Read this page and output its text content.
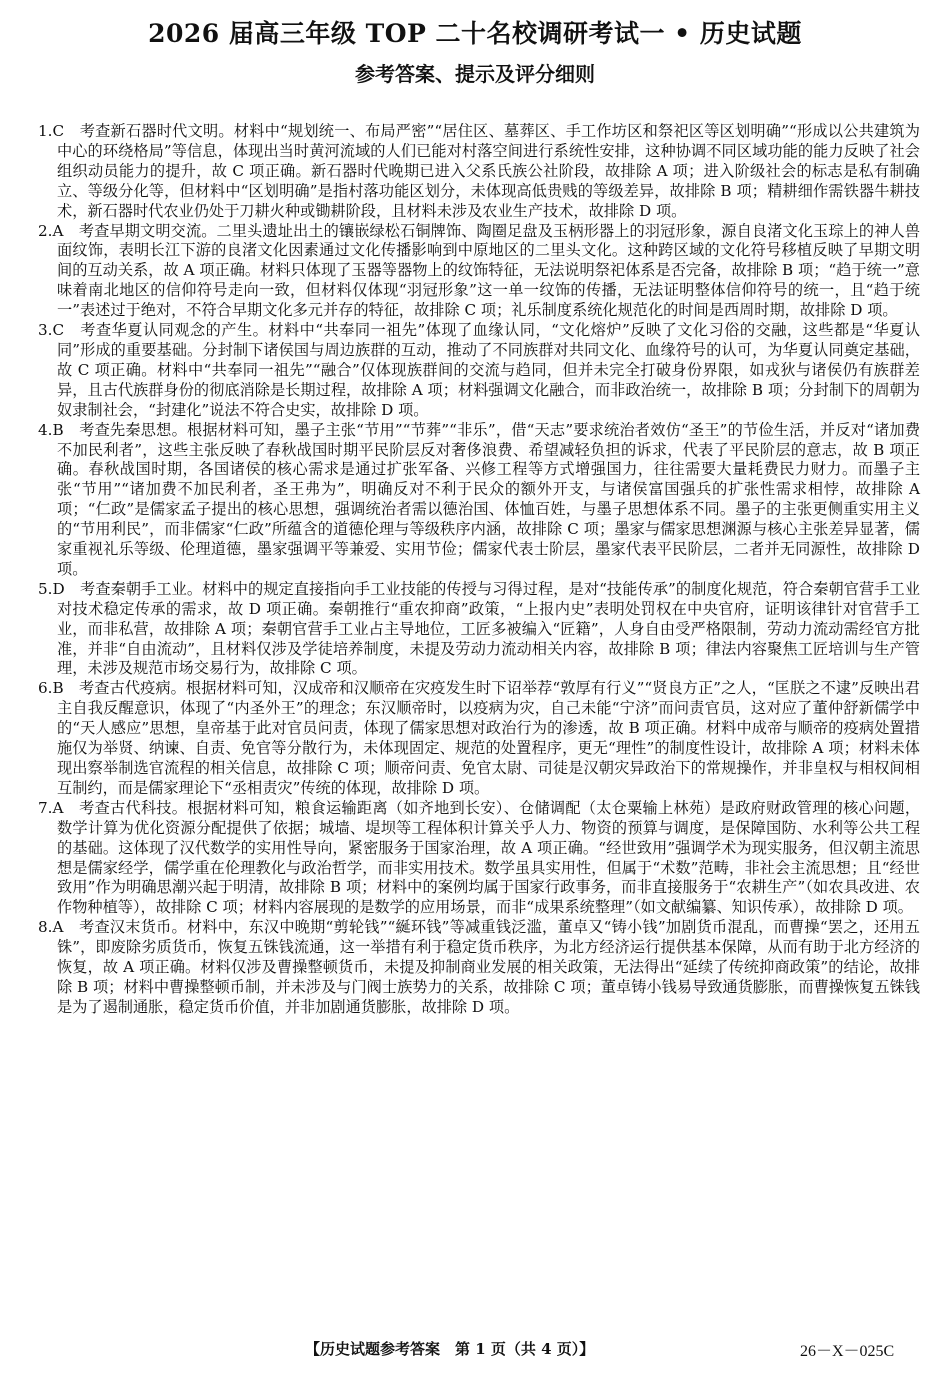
2026 届高三年级 TOP 二十名校调研考试一 • 历史试题
参考答案、提示及评分细则

1.C　 考查新石器时代文明。材料中“规划统一、布局严密”“居住区、墓葬区、手工作坊区和祭祀区等区划明确”“形成以公共建筑为中心的环绕格局”等信息，体现出当时黄河流域的人们已能对村落空间进行系统性安排，这种协调不同区域功能的能力反映了社会组织动员能力的提升，故 C 项正确。新石器时代晚期已进入父系氏族公社阶段，故排除 A 项；进入阶级社会的标志是私有制确立、等级分化等，但材料中“区划明确”是指村落功能区划分，未体现高低贵贱的等级差异，故排除 B 项；精耕细作需铁器牛耕技术，新石器时代农业仍处于刀耕火种或锄耕阶段，且材料未涉及农业生产技术，故排除 D 项。

2.A　 考查早期文明交流。二里头遗址出土的镶嵌绿松石铜牌饰、陶圈足盘及玉柄形器上的羽冠形象，源自良渚文化玉琮上的神人兽面纹饰，表明长江下游的良渚文化因素通过文化传播影响到中原地区的二里头文化。这种跨区域的文化符号移植反映了早期文明间的互动关系，故 A 项正确。材料只体现了玉器等器物上的纹饰特征，无法说明祭祀体系是否完备，故排除 B 项；“趋于统一”意味着南北地区的信仰符号走向一致，但材料仅体现“羽冠形象”这一单一纹饰的传播，无法证明整体信仰符号的统一，且“趋于统一”表述过于绝对，不符合早期文化多元并存的特征，故排除 C 项；礼乐制度系统化规范化的时间是西周时期，故排除 D 项。

3.C　 考查华夏认同观念的产生。材料中“共奉同一祖先”体现了血缘认同，“文化熔炉”反映了文化习俗的交融，这些都是“华夏认同”形成的重要基础。分封制下诸侯国与周边族群的互动，推动了不同族群对共同文化、血缘符号的认可，为华夏认同奠定基础，故 C 项正确。材料中“共奉同一祖先”“融合”仅体现族群间的交流与趋同，但并未完全打破身份界限，如戎狄与诸侯仍有族群差异，且古代族群身份的彻底消除是长期过程，故排除 A 项；材料强调文化融合，而非政治统一，故排除 B 项；分封制下的周朝为奴隶制社会，“封建化”说法不符合史实，故排除 D 项。

4.B　 考查先秦思想。根据材料可知，墨子主张“节用”“节葬”“非乐”，借“天志”要求统治者效仿“圣王”的节俭生活，并反对“诸加费不加民利者”，这些主张反映了春秋战国时期平民阶层反对奢侈浪费、希望减轻负担的诉求，代表了平民阶层的意志，故 B 项正确。春秋战国时期，各国诸侯的核心需求是通过扩张军备、兴修工程等方式增强国力，往往需要大量耗费民力财力。而墨子主张“节用”“诸加费不加民利者，圣王弗为”，明确反对不利于民众的额外开支，与诸侯富国强兵的扩张性需求相悖，故排除 A 项；“仁政”是儒家孟子提出的核心思想，强调统治者需以德治国、体恤百姓，与墨子思想体系不同。墨子的主张更侧重实用主义的“节用利民”，而非儒家“仁政”所蕴含的道德伦理与等级秩序内涵，故排除 C 项；墨家与儒家思想渊源与核心主张差异显著，儒家重视礼乐等级、伦理道德，墨家强调平等兼爱、实用节俭；儒家代表士阶层，墨家代表平民阶层，二者并无同源性，故排除 D 项。

5.D　 考查秦朝手工业。材料中的规定直接指向手工业技能的传授与习得过程，是对“技能传承”的制度化规范，符合秦朝官营手工业对技术稳定传承的需求，故 D 项正确。秦朝推行“重农抑商”政策，“上报内史”表明处罚权在中央官府，证明该律针对官营手工业，而非私营，故排除 A 项；秦朝官营手工业占主导地位，工匠多被编入“匠籍”，人身自由受严格限制，劳动力流动需经官方批准，并非“自由流动”，且材料仅涉及学徒培养制度，未提及劳动力流动相关内容，故排除 B 项；律法内容聚焦工匠培训与生产管理，未涉及规范市场交易行为，故排除 C 项。

6.B　 考查古代疫病。根据材料可知，汉成帝和汉顺帝在灾疫发生时下诏举荐“敦厚有行义”“贤良方正”之人，“匡朕之不逮”反映出君主自我反醒意识，体现了“内圣外王”的理念；东汉顺帝时，以疫病为灾，自己未能“宁济”而问责官员，这对应了董仲舒新儒学中的“天人感应”思想，皇帝基于此对官员问责，体现了儒家思想对政治行为的渗透，故 B 项正确。材料中成帝与顺帝的疫病处置措施仅为举贤、纳谏、自责、免官等分散行为，未体现固定、规范的处置程序，更无“理性”的制度性设计，故排除 A 项；材料未体现出察举制选官流程的相关信息，故排除 C 项；顺帝问责、免官太尉、司徒是汉朝灾异政治下的常规操作，并非皇权与相权间相互制约，而是儒家理论下“丞相责灾”传统的体现，故排除 D 项。

7.A　 考查古代科技。根据材料可知，粮食运输距离（如齐地到长安）、仓储调配（太仓粟输上林苑）是政府财政管理的核心问题，数学计算为优化资源分配提供了依据；城墙、堤坝等工程体积计算关乎人力、物资的预算与调度，是保障国防、水利等公共工程的基础。这体现了汉代数学的实用性导向，紧密服务于国家治理，故 A 项正确。“经世致用”强调学术为现实服务，但汉朝主流思想是儒家经学，儒学重在伦理教化与政治哲学，而非实用技术。数学虽具实用性，但属于“术数”范畴，非社会主流思想；且“经世致用”作为明确思潮兴起于明清，故排除 B 项；材料中的案例均属于国家行政事务，而非直接服务于“农耕生产”（如农具改进、农作物种植等），故排除 C 项；材料内容展现的是数学的应用场景，而非“成果系统整理”（如文献编纂、知识传承），故排除 D 项。

8.A　 考查汉末货币。材料中，东汉中晚期“剪轮钱”“綖环钱”等减重钱泛滥，董卓又“铸小钱”加剧货币混乱，而曹操“罢之，还用五铢”，即废除劣质货币，恢复五铢钱流通，这一举措有利于稳定货币秩序，为北方经济运行提供基本保障，从而有助于北方经济的恢复，故 A 项正确。材料仅涉及曹操整顿货币，未提及抑制商业发展的相关政策，无法得出“延续了传统抑商政策”的结论，故排除 B 项；材料中曹操整顿币制，并未涉及与门阀士族势力的关系，故排除 C 项；董卓铸小钱易导致通货膨胀，而曹操恢复五铢钱是为了遏制通胀，稳定货币价值，并非加剧通货膨胀，故排除 D 项。

【历史试题参考答案　第 1 页（共 4 页）】	26－X－025C
